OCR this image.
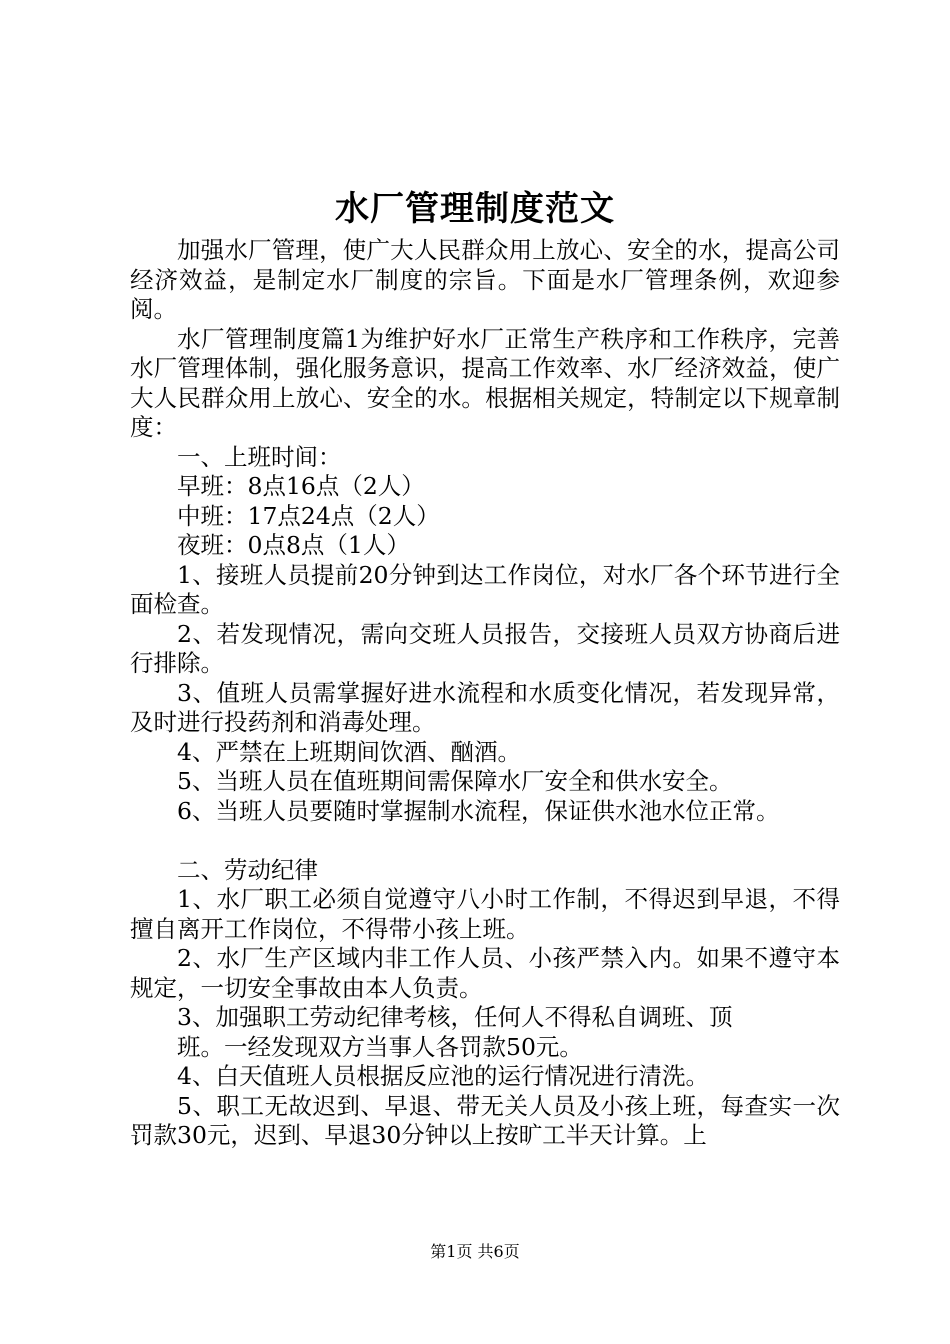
水厂管理制度范文

加强水厂管理，使广大人民群众用上放心、安全的水，提高公司经济效益，是制定水厂制度的宗旨。下面是水厂管理条例，欢迎参阅。

水厂管理制度篇1为维护好水厂正常生产秩序和工作秩序，完善水厂管理体制，强化服务意识，提高工作效率、水厂经济效益，使广大人民群众用上放心、安全的水。根据相关规定，特制定以下规章制度：

一、上班时间：

早班：8点16点（2人）

中班：17点24点（2人）

夜班：0点8点（1人）

1、接班人员提前20分钟到达工作岗位，对水厂各个环节进行全面检查。

2、若发现情况，需向交班人员报告，交接班人员双方协商后进行排除。

3、值班人员需掌握好进水流程和水质变化情况，若发现异常，及时进行投药剂和消毒处理。

4、严禁在上班期间饮酒、酗酒。

5、当班人员在值班期间需保障水厂安全和供水安全。

6、当班人员要随时掌握制水流程，保证供水池水位正常。

二、劳动纪律

1、水厂职工必须自觉遵守八小时工作制，不得迟到早退，不得擅自离开工作岗位，不得带小孩上班。

2、水厂生产区域内非工作人员、小孩严禁入内。如果不遵守本规定，一切安全事故由本人负责。

3、加强职工劳动纪律考核，任何人不得私自调班、顶

班。一经发现双方当事人各罚款50元。

4、白天值班人员根据反应池的运行情况进行清洗。

5、职工无故迟到、早退、带无关人员及小孩上班，每查实一次罚款30元，迟到、早退30分钟以上按旷工半天计算。上

第1页 共6页
